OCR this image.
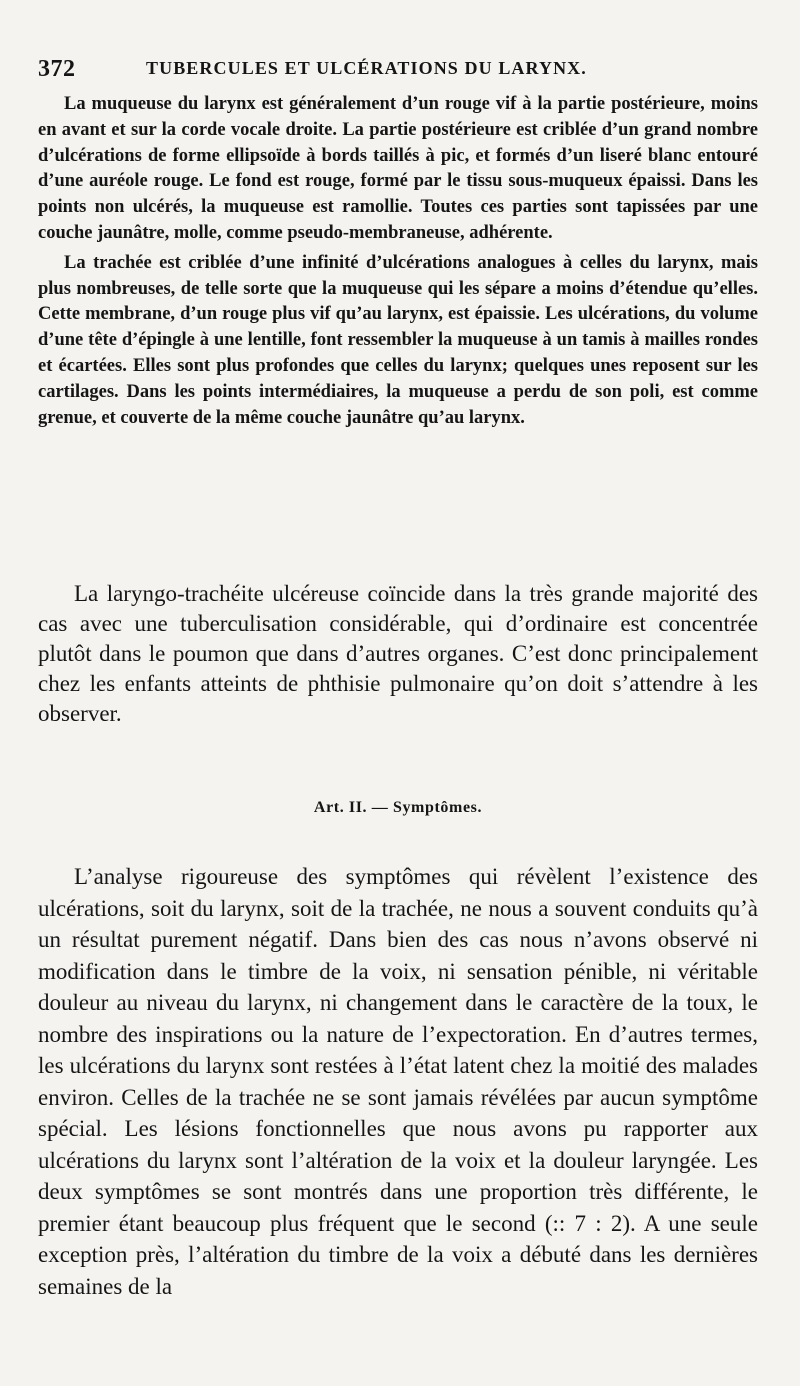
372	TUBERCULES ET ULCÉRATIONS DU LARYNX.

La muqueuse du larynx est généralement d’un rouge vif à la partie postérieure, moins en avant et sur la corde vocale droite. La partie postérieure est criblée d’un grand nombre d’ulcérations de forme ellipsoïde à bords taillés à pic, et formés d’un liseré blanc entouré d’une auréole rouge. Le fond est rouge, formé par le tissu sous-muqueux épaissi. Dans les points non ulcérés, la muqueuse est ramollie. Toutes ces parties sont tapissées par une couche jaunâtre, molle, comme pseudo-membraneuse, adhérente.

La trachée est criblée d’une infinité d’ulcérations analogues à celles du larynx, mais plus nombreuses, de telle sorte que la muqueuse qui les sépare a moins d’étendue qu’elles. Cette membrane, d’un rouge plus vif qu’au larynx, est épaissie. Les ulcérations, du volume d’une tête d’épingle à une lentille, font ressembler la muqueuse à un tamis à mailles rondes et écartées. Elles sont plus profondes que celles du larynx; quelques unes reposent sur les cartilages. Dans les points intermédiaires, la muqueuse a perdu de son poli, est comme grenue, et couverte de la même couche jaunâtre qu’au larynx.

La laryngo-trachéite ulcéreuse coïncide dans la très grande majorité des cas avec une tuberculisation considérable, qui d’ordinaire est concentrée plutôt dans le poumon que dans d’autres organes. C’est donc principalement chez les enfants atteints de phthisie pulmonaire qu’on doit s’attendre à les observer.

Art. II. — Symptômes.

L’analyse rigoureuse des symptômes qui révèlent l’existence des ulcérations, soit du larynx, soit de la trachée, ne nous a souvent conduits qu’à un résultat purement négatif. Dans bien des cas nous n’avons observé ni modification dans le timbre de la voix, ni sensation pénible, ni véritable douleur au niveau du larynx, ni changement dans le caractère de la toux, le nombre des inspirations ou la nature de l’expectoration. En d’autres termes, les ulcérations du larynx sont restées à l’état latent chez la moitié des malades environ. Celles de la trachée ne se sont jamais révélées par aucun symptôme spécial. Les lésions fonctionnelles que nous avons pu rapporter aux ulcérations du larynx sont l’altération de la voix et la douleur laryngée. Les deux symptômes se sont montrés dans une proportion très différente, le premier étant beaucoup plus fréquent que le second (:: 7 : 2). A une seule exception près, l’altération du timbre de la voix a débuté dans les dernières semaines de la
